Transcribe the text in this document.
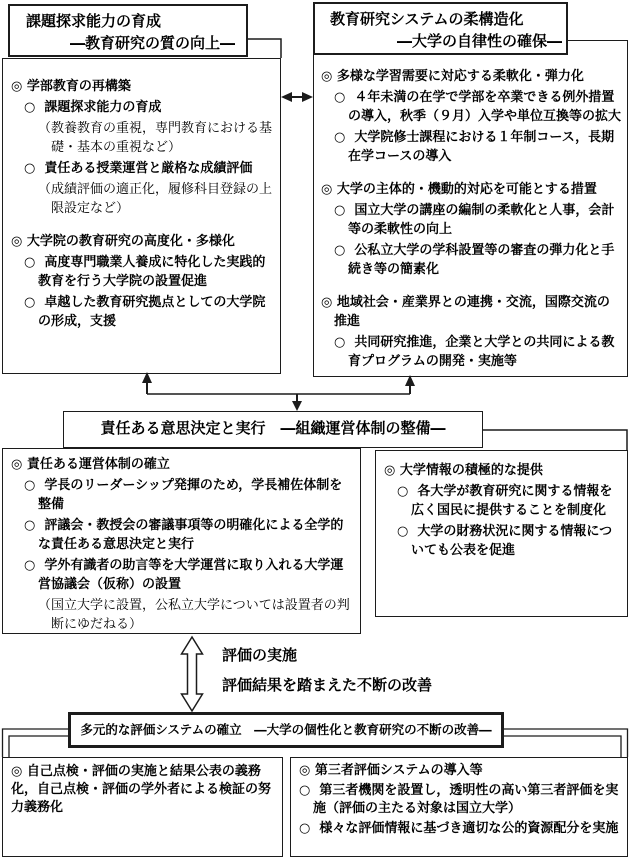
課題探求能力の育成
―教育研究の質の向上―
教育研究システムの柔構造化
―大学の自律性の確保―
◎ 学部教育の再構築
○ 課題探求能力の育成
（教養教育の重視，専門教育における基礎・基本の重視など）
○ 責任ある授業運営と厳格な成績評価
（成績評価の適正化，履修科目登録の上限設定など）
◎ 大学院の教育研究の高度化・多様化
○ 高度専門職業人養成に特化した実践的教育を行う大学院の設置促進
○ 卓越した教育研究拠点としての大学院の形成，支援
◎ 多様な学習需要に対応する柔軟化・弾力化
○ ４年未満の在学で学部を卒業できる例外措置の導入，秋季（９月）入学や単位互換等の拡大
○ 大学院修士課程における１年制コース，長期在学コースの導入
◎ 大学の主体的・機動的対応を可能とする措置
○ 国立大学の講座の編制の柔軟化と人事，会計等の柔軟性の向上
○ 公私立大学の学科設置等の審査の弾力化と手続き等の簡素化
◎ 地域社会・産業界との連携・交流，国際交流の推進
○ 共同研究推進，企業と大学との共同による教育プログラムの開発・実施等
責任ある意思決定と実行　―組織運営体制の整備―
◎ 責任ある運営体制の確立
○ 学長のリーダーシップ発揮のため，学長補佐体制を整備
○ 評議会・教授会の審議事項等の明確化による全学的な責任ある意思決定と実行
○ 学外有識者の助言等を大学運営に取り入れる大学運営協議会（仮称）の設置
（国立大学に設置，公私立大学については設置者の判断にゆだねる）
◎ 大学情報の積極的な提供
○ 各大学が教育研究に関する情報を広く国民に提供することを制度化
○ 大学の財務状況に関する情報についても公表を促進
評価の実施
評価結果を踏まえた不断の改善
多元的な評価システムの確立　―大学の個性化と教育研究の不断の改善―
◎ 自己点検・評価の実施と結果公表の義務化，自己点検・評価の学外者による検証の努力義務化
◎ 第三者評価システムの導入等
○ 第三者機関を設置し，透明性の高い第三者評価を実施（評価の主たる対象は国立大学）
○ 様々な評価情報に基づき適切な公的資源配分を実施
